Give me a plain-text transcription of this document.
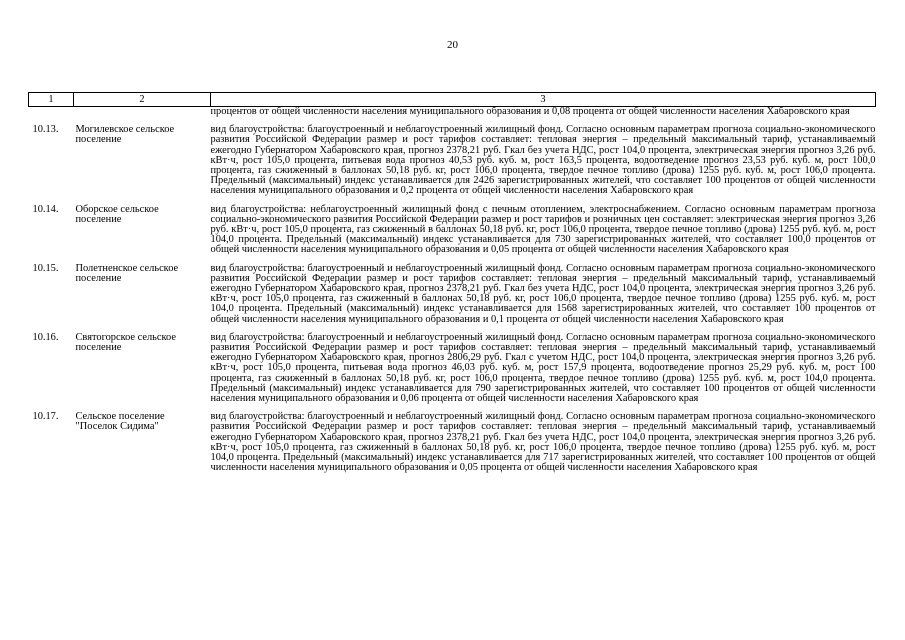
20
1	2	3
		процентов от общей численности населения муниципального образования и 0,08 процента от общей численности населения Хабаровского края
10.13.	Могилевское сельское поселение	вид благоустройства: благоустроенный и неблагоустроенный жилищный фонд. Согласно основным параметрам прогноза социально-экономического развития Российской Федерации размер и рост тарифов составляет: тепловая энергия – предельный максимальный тариф, устанавливаемый ежегодно Губернатором Хабаровского края, прогноз 2378,21 руб. Гкал без учета НДС, рост 104,0 процента, электрическая энергия прогноз 3,26 руб. кВт·ч, рост 105,0 процента, питьевая вода прогноз 40,53 руб. куб. м, рост 163,5 процента, водоотведение прогноз 23,53 руб. куб. м, рост 100,0 процента, газ сжиженный в баллонах 50,18 руб. кг, рост 106,0 процента, твердое печное топливо (дрова) 1255 руб. куб. м, рост 106,0 процента. Предельный (максимальный) индекс устанавливается для 2426 зарегистрированных жителей, что составляет 100 процентов от общей численности населения муниципального образования и 0,2 процента от общей численности населения Хабаровского края
10.14.	Оборское сельское поселение	вид благоустройства: неблагоустроенный жилищный фонд с печным отоплением, электроснабжением. Согласно основным параметрам прогноза социально-экономического развития Российской Федерации размер и рост тарифов и розничных цен составляет: электрическая энергия прогноз 3,26 руб. кВт·ч, рост 105,0 процента, газ сжиженный в баллонах 50,18 руб. кг, рост 106,0 процента, твердое печное топливо (дрова) 1255 руб. куб. м, рост 104,0 процента. Предельный (максимальный) индекс устанавливается для 730 зарегистрированных жителей, что составляет 100,0 процентов от общей численности населения муниципального образования и 0,05 процента от общей численности населения Хабаровского края
10.15.	Полетненское сельское поселение	вид благоустройства: благоустроенный и неблагоустроенный жилищный фонд. Согласно основным параметрам прогноза социально-экономического развития Российской Федерации размер и рост тарифов составляет: тепловая энергия – предельный максимальный тариф, устанавливаемый ежегодно Губернатором Хабаровского края, прогноз 2378,21 руб. Гкал без учета НДС, рост 104,0 процента, электрическая энергия прогноз 3,26 руб. кВт·ч, рост 105,0 процента, газ сжиженный в баллонах 50,18 руб. кг, рост 106,0 процента, твердое печное топливо (дрова) 1255 руб. куб. м, рост 104,0 процента. Предельный (максимальный) индекс устанавливается для 1568 зарегистрированных жителей, что составляет 100 процентов от общей численности населения муниципального образования и 0,1 процента от общей численности населения Хабаровского края
10.16.	Святогорское сельское поселение	вид благоустройства: благоустроенный и неблагоустроенный жилищный фонд. Согласно основным параметрам прогноза социально-экономического развития Российской Федерации размер и рост тарифов составляет: тепловая энергия – предельный максимальный тариф, устанавливаемый ежегодно Губернатором Хабаровского края, прогноз 2806,29 руб. Гкал с учетом НДС, рост 104,0 процента, электрическая энергия прогноз 3,26 руб. кВт·ч, рост 105,0 процента, питьевая вода прогноз 46,03 руб. куб. м, рост 157,9 процента, водоотведение прогноз 25,29 руб. куб. м, рост 100 процента, газ сжиженный в баллонах 50,18 руб. кг, рост 106,0 процента, твердое печное топливо (дрова) 1255 руб. куб. м, рост 104,0 процента. Предельный (максимальный) индекс устанавливается для 790 зарегистрированных жителей, что составляет 100 процентов от общей численности населения муниципального образования и 0,06 процента от общей численности населения Хабаровского края
10.17.	Сельское поселение "Поселок Сидима"	вид благоустройства: благоустроенный и неблагоустроенный жилищный фонд. Согласно основным параметрам прогноза социально-экономического развития Российской Федерации размер и рост тарифов составляет: тепловая энергия – предельный максимальный тариф, устанавливаемый ежегодно Губернатором Хабаровского края, прогноз 2378,21 руб. Гкал без учета НДС, рост 104,0 процента, электрическая энергия прогноз 3,26 руб. кВт·ч, рост 105,0 процента, газ сжиженный в баллонах 50,18 руб. кг, рост 106,0 процента, твердое печное топливо (дрова) 1255 руб. куб. м, рост 104,0 процента. Предельный (максимальный) индекс устанавливается для 717 зарегистрированных жителей, что составляет 100 процентов от общей численности населения муниципального образования и 0,05 процента от общей численности населения Хабаровского края
